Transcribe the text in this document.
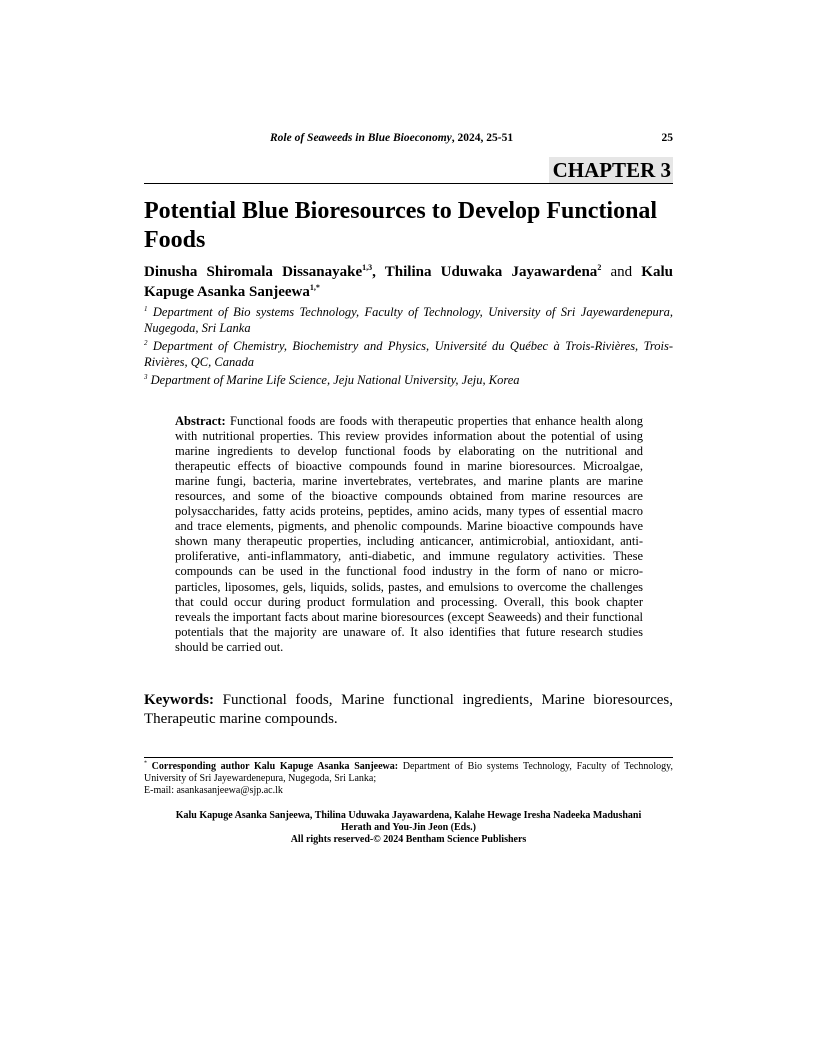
Role of Seaweeds in Blue Bioeconomy, 2024, 25-51	25
CHAPTER 3
Potential Blue Bioresources to Develop Functional Foods

Dinusha Shiromala Dissanayake$^{1,3}$, Thilina Uduwaka Jayawardena$^2$ and Kalu Kapuge Asanka Sanjeewa$^{1,*}$

$^1$ Department of Bio systems Technology, Faculty of Technology, University of Sri Jayewardenepura, Nugegoda, Sri Lanka

$^2$ Department of Chemistry, Biochemistry and Physics, Université du Québec à Trois-Rivières, Trois-Rivières, QC, Canada

$^3$ Department of Marine Life Science, Jeju National University, Jeju, Korea

Abstract: Functional foods are foods with therapeutic properties that enhance health along with nutritional properties. This review provides information about the potential of using marine ingredients to develop functional foods by elaborating on the nutritional and therapeutic effects of bioactive compounds found in marine bioresources. Microalgae, marine fungi, bacteria, marine invertebrates, vertebrates, and marine plants are marine resources, and some of the bioactive compounds obtained from marine resources are polysaccharides, fatty acids proteins, peptides, amino acids, many types of essential macro and trace elements, pigments, and phenolic compounds. Marine bioactive compounds have shown many therapeutic properties, including anticancer, antimicrobial, antioxidant, anti-proliferative, anti-inflammatory, anti-diabetic, and immune regulatory activities. These compounds can be used in the functional food industry in the form of nano or micro-particles, liposomes, gels, liquids, solids, pastes, and emulsions to overcome the challenges that could occur during product formulation and processing. Overall, this book chapter reveals the important facts about marine bioresources (except Seaweeds) and their functional potentials that the majority are unaware of. It also identifies that future research studies should be carried out.

Keywords: Functional foods, Marine functional ingredients, Marine bioresources, Therapeutic marine compounds.

* Corresponding author Kalu Kapuge Asanka Sanjeewa: Department of Bio systems Technology, Faculty of Technology, University of Sri Jayewardenepura, Nugegoda, Sri Lanka;
E-mail: asankasanjeewa@sjp.ac.lk

Kalu Kapuge Asanka Sanjeewa, Thilina Uduwaka Jayawardena, Kalahe Hewage Iresha Nadeeka Madushani
Herath and You-Jin Jeon (Eds.)
All rights reserved-© 2024 Bentham Science Publishers
